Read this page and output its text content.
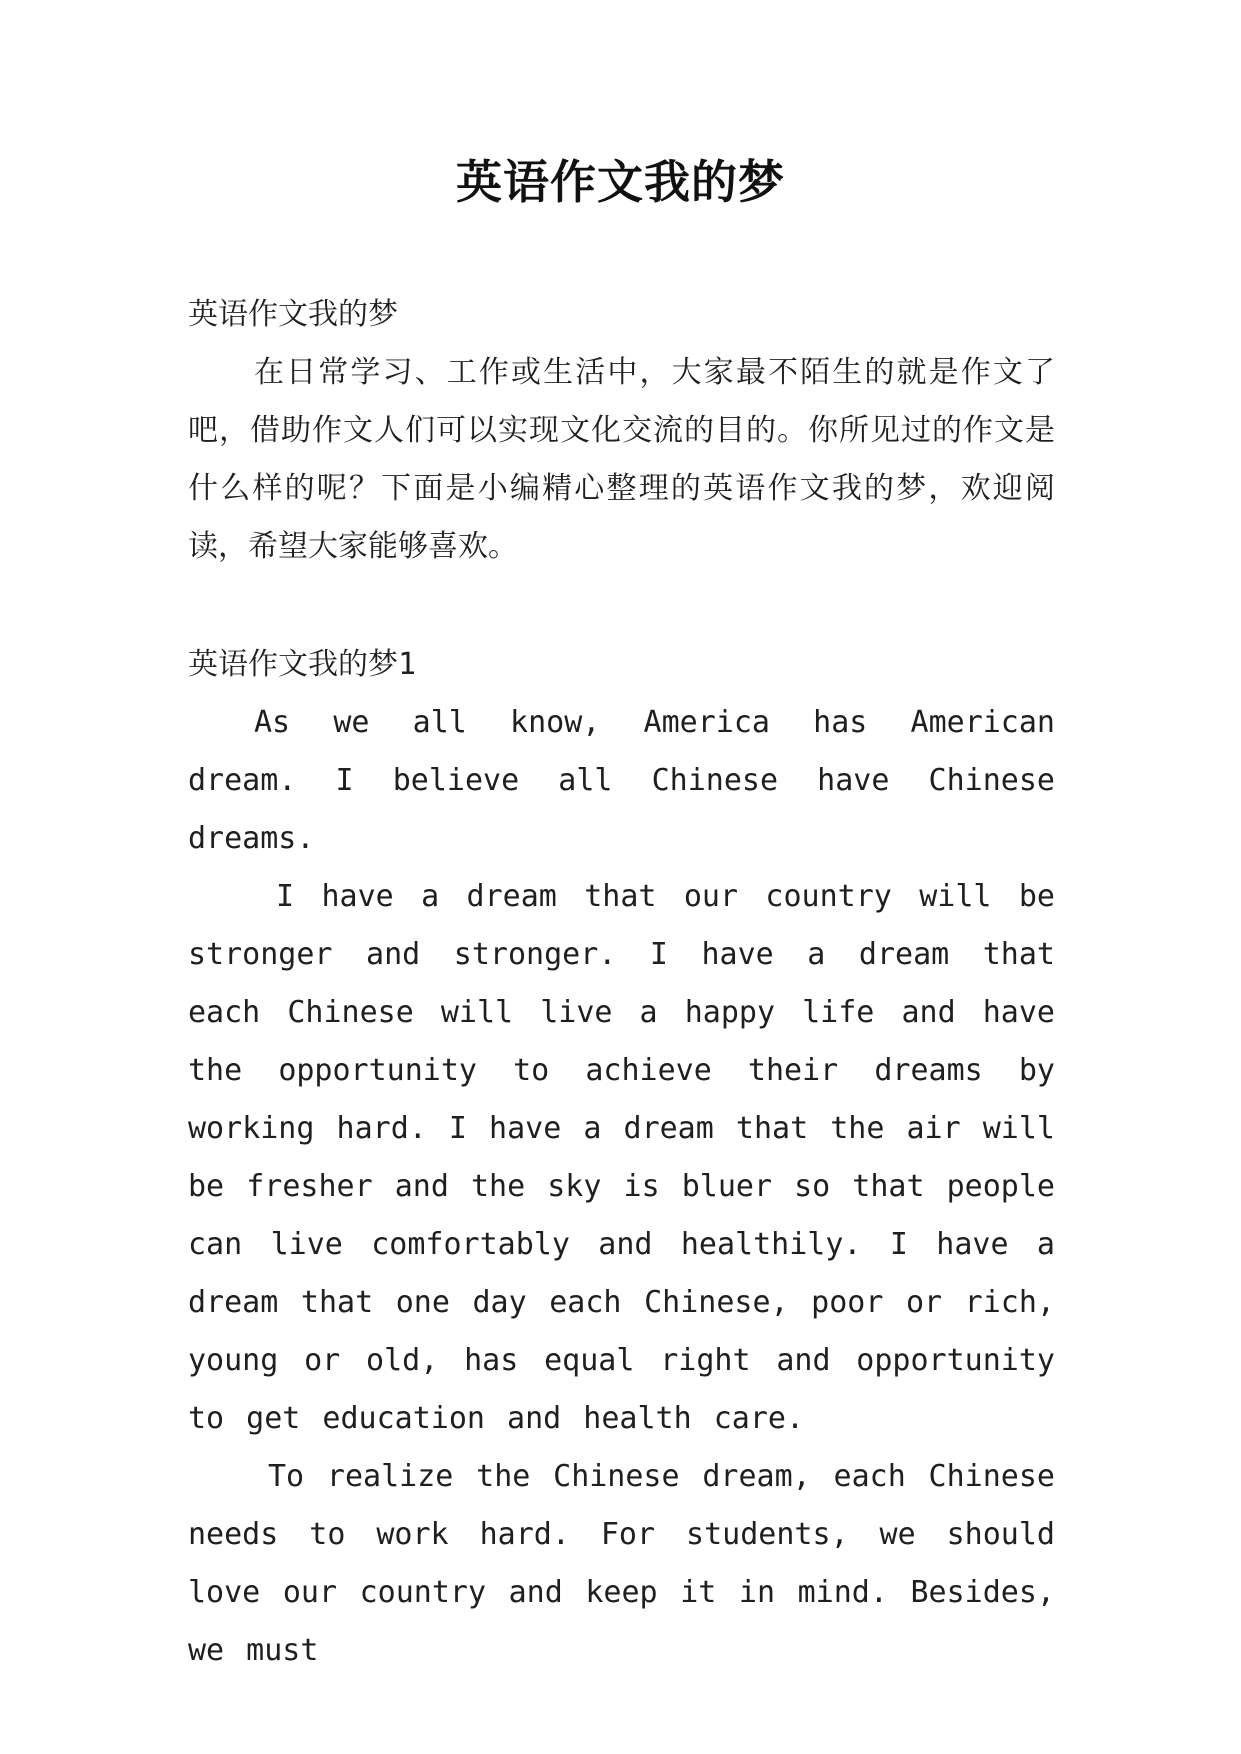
英语作文我的梦

英语作文我的梦

在日常学习、工作或生活中，大家最不陌生的就是作文了吧，借助作文人们可以实现文化交流的目的。你所见过的作文是什么样的呢？下面是小编精心整理的英语作文我的梦，欢迎阅读，希望大家能够喜欢。

英语作文我的梦1

As we all know, America has American dream. I believe all Chinese have Chinese dreams.

I have a dream that our country will be stronger and stronger. I have a dream that each Chinese will live a happy life and have the opportunity to achieve their dreams by working hard. I have a dream that the air will be fresher and the sky is bluer so that people can live comfortably and healthily. I have a dream that one day each Chinese, poor or rich, young or old, has equal right and opportunity to get education and health care.

To realize the Chinese dream, each Chinese needs to work hard. For students, we should love our country and keep it in mind. Besides, we must
